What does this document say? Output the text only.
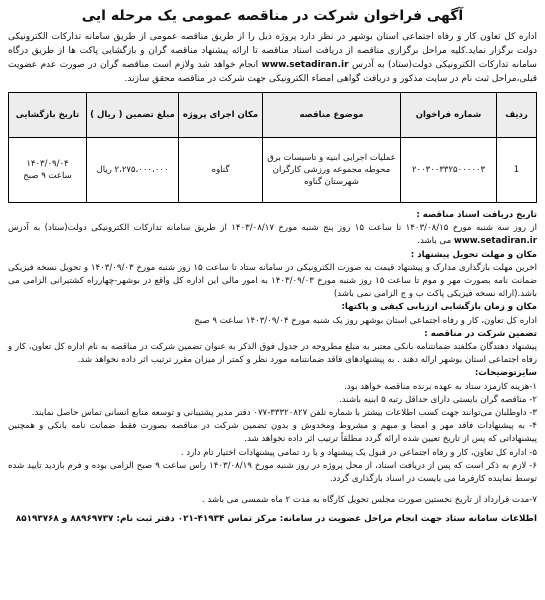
آگهی فراخوان شرکت در مناقصه عمومی یک مرحله ایی
اداره کل تعاون کار و رفاه اجتماعی استان بوشهر در نظر دارد پروژه ذیل را از طریق مناقصه عمومی از طریق سامانه تدارکات الکترونیکی دولت برگزار نماید.کلیه مراحل برگزاری مناقصه از دریافت اسناد مناقصه تا ارائه پیشنهاد مناقصه گران و بازگشایی پاکت ها از طریق درگاه سامانه تدارکات الکترونیکی دولت(ستاد) به آدرس www.setadiran.ir انجام خواهد شد ولازم است مناقصه گران در صورت عدم عضویت قبلی،مراحل ثبت نام در سایت مذکور و دریافت گواهی امضاء الکترونیکی جهت شرکت در مناقصه محقق سازند.
ردیف	شماره فراخوان	موضوع مناقصه	مکان اجرای پروژه	مبلغ تضمین ( ریال )	تاریخ بازگشایی
1	۲۰۰۳۰۰۳۳۲۵۰۰۰۰۰۳	عملیات اجرایی ابنیه و تاسیسات برق محوطه مجموعه ورزشی کارگران شهرستان گناوه	گناوه	۲،۲۷۵،۰۰۰،۰۰۰ ریال	۱۴۰۳/۰۹/۰۴
ساعت ۹ صبح

تاریخ دریافت اسناد مناقصه :

از روز سه شنبه مورخ ۱۴۰۳/۰۸/۱۵ تا ساعت ۱۵ روز پنج شنبه مورخ ۱۴۰۳/۰۸/۱۷ از طریق سامانه تدارکات الکترونیکی دولت(ستاد) به آدرس www.setadiran.ir می باشد.

مکان و مهلت تحویل پیشنهاد :

اخرین مهلت بارگذاری مدارک و پیشنهاد قیمت به صورت الکترونیکی در سامانه ستاد تا ساعت ۱۵ روز شنبه مورخ ۱۴۰۳/۰۹/۰۳ و تحویل نسخه فیزیکی ضمانت نامه بصورت مهر و موم تا ساعت ۱۵ روز شنبه مورخ ۱۴۰۳/۰۹/۰۳ به امور مالی این اداره کل واقع در بوشهر-چهارراه کشتیرانی الزامی می باشد.(ارائه نسخه فیزیکی پاکت ب و ج الزامی نمی باشد)

مکان و زمان بازگشایی ارزیابی کیفی و پاکتها:

اداره کل تعاون، کار و رفاه اجتماعی استان بوشهر روز یک شنبه مورخ ۱۴۰۳/۰۹/۰۴ ساعت ۹ صبح

تضمین شرکت در مناقصه :

پیشنهاد دهندگان مکلفند ضمانتنامه بانکی معتبر به مبلغ مطروحه در جدول فوق الذکر به عنوان تضمین شرکت در مناقصه به نام اداره کل تعاون، کار و رفاه اجتماعی استان بوشهر ارائه دهند . به پیشنهادهای فاقد ضمانتنامه مورد نظر و کمتر از میزان مقرر ترتیب اثر داده نخواهد شد.

سایرتوضیحات:

۱-هزینه کارمزد ستاد به عهده برنده مناقصه خواهد بود.

۲- مناقصه گران بایستی دارای حداقل رتبه ۵ ابنیه باشند.

۳- داوطلبان می‌توانند جهت کسب اطلاعات بیشتر با شماره تلفن ۳۳۳۲۰۸۲۷-۰۷۷ دفتر مدیر پشتیبانی و توسعه منابع انسانی تماس حاصل نمایند.

۴- به پیشنهادات فاقد مهر و امضا و مبهم و مشروط ومخدوش و بدون تضمین شرکت در مناقصه بصورت فقط ضمانت نامه بانکی و همچنین پیشنهاداتی که پس از تاریخ تعیین شده ارائه گردد مطلقاً ترتیب اثر داده نخواهد شد.

۵- اداره کل تعاون، کار و رفاه اجتماعی در قبول یک پیشنهاد و یا رد تمامی پیشنهادات اختیار تام دارد .

۶- لازم به ذکر است که پس از دریافت اسناد، از محل پروژه در روز شنبه مورخ ۱۴۰۳/۰۸/۱۹ راس ساعت ۹ صبح الزامی بوده و فرم بازدید تایید شده توسط نماینده کارفرما می بایست در اسناد بارگذاری گردد.

۷-مدت قرارداد از تاریخ نخستین صورت مجلس تحویل کارگاه به مدت ۲ ماه شمسی می باشد .

اطلاعات سامانه ستاد جهت انجام مراحل عضویت در سامانه: مرکز تماس ۴۱۹۳۴-۰۲۱ دفتر ثبت نام: ۸۸۹۶۹۷۳۷ و ۸۵۱۹۳۷۶۸
